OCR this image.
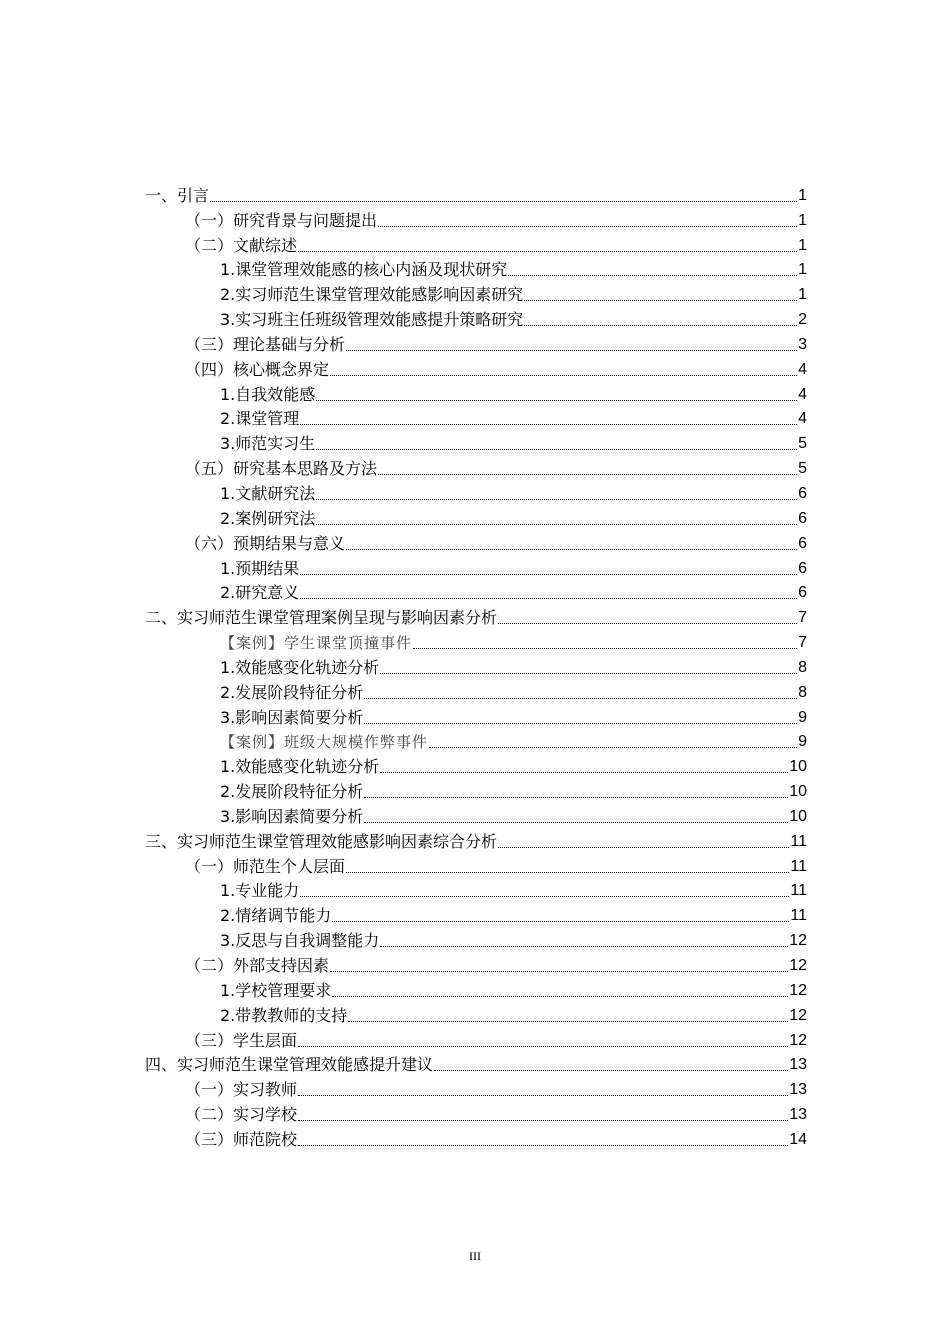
一、引言	1
（一）研究背景与问题提出	1
（二）文献综述	1
1.课堂管理效能感的核心内涵及现状研究	1
2.实习师范生课堂管理效能感影响因素研究	1
3.实习班主任班级管理效能感提升策略研究	2
（三）理论基础与分析	3
（四）核心概念界定	4
1.自我效能感	4
2.课堂管理	4
3.师范实习生	5
（五）研究基本思路及方法	5
1.文献研究法	6
2.案例研究法	6
（六）预期结果与意义	6
1.预期结果	6
2.研究意义	6
二、实习师范生课堂管理案例呈现与影响因素分析	7
【案例】学生课堂顶撞事件	7
1.效能感变化轨迹分析	8
2.发展阶段特征分析	8
3.影响因素简要分析	9
【案例】班级大规模作弊事件	9
1.效能感变化轨迹分析	10
2.发展阶段特征分析	10
3.影响因素简要分析	10
三、实习师范生课堂管理效能感影响因素综合分析	11
（一）师范生个人层面	11
1.专业能力	11
2.情绪调节能力	11
3.反思与自我调整能力	12
（二）外部支持因素	12
1.学校管理要求	12
2.带教教师的支持	12
（三）学生层面	12
四、实习师范生课堂管理效能感提升建议	13
（一）实习教师	13
（二）实习学校	13
（三）师范院校	14
III
